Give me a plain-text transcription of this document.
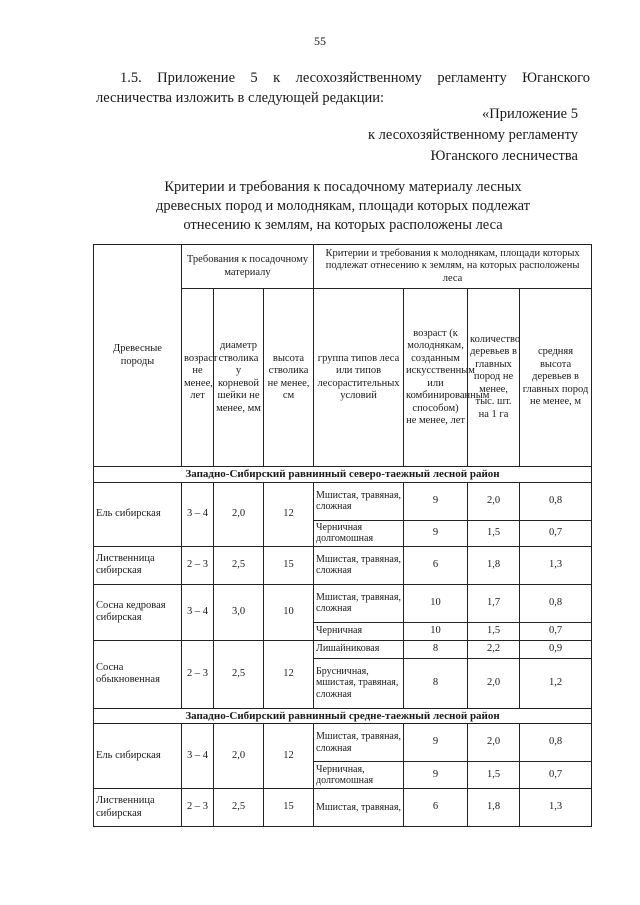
55
1.5. Приложение 5 к лесохозяйственному регламенту Юганского
лесничества изложить в следующей редакции:
«Приложение 5
к лесохозяйственному регламенту
Юганского лесничества
Критерии и требования к посадочному материалу лесных
древесных пород и молоднякам, площади которых подлежат
отнесению к землям, на которых расположены леса
Древесные породы	Требования к посадочному материалу			Критерии и требования к молоднякам, площади которых подлежат отнесению к землям, на которых расположены леса			
	возраст не менее, лет	диаметр стволика у корневой шейки не менее, мм	высота стволика не менее, см	группа типов леса или типов лесорастительных условий	возраст (к молоднякам, созданным искусственным или комбинированным способом) не менее, лет	количество деревьев в главных пород не менее, тыс. шт. на 1 га	средняя высота деревьев в главных пород не менее, м
Западно-Сибирский равнинный северо-таежный лесной район							
Ель сибирская	3 – 4	2,0	12	Мшистая, травяная, сложная	9	2,0	0,8
				Черничная долгомошная	9	1,5	0,7
Лиственница сибирская	2 – 3	2,5	15	Мшистая, травяная, сложная	6	1,8	1,3
Сосна кедровая сибирская	3 – 4	3,0	10	Мшистая, травяная, сложная	10	1,7	0,8
				Черничная	10	1,5	0,7
Сосна обыкновенная	2 – 3	2,5	12	Лишайниковая	8	2,2	0,9
				Брусничная, мшистая, травяная, сложная	8	2,0	1,2
Западно-Сибирский равнинный средне-таежный лесной район							
Ель сибирская	3 – 4	2,0	12	Мшистая, травяная, сложная	9	2,0	0,8
				Черничная, долгомошная	9	1,5	0,7
Лиственница сибирская	2 – 3	2,5	15	Мшистая, травяная,	6	1,8	1,3
